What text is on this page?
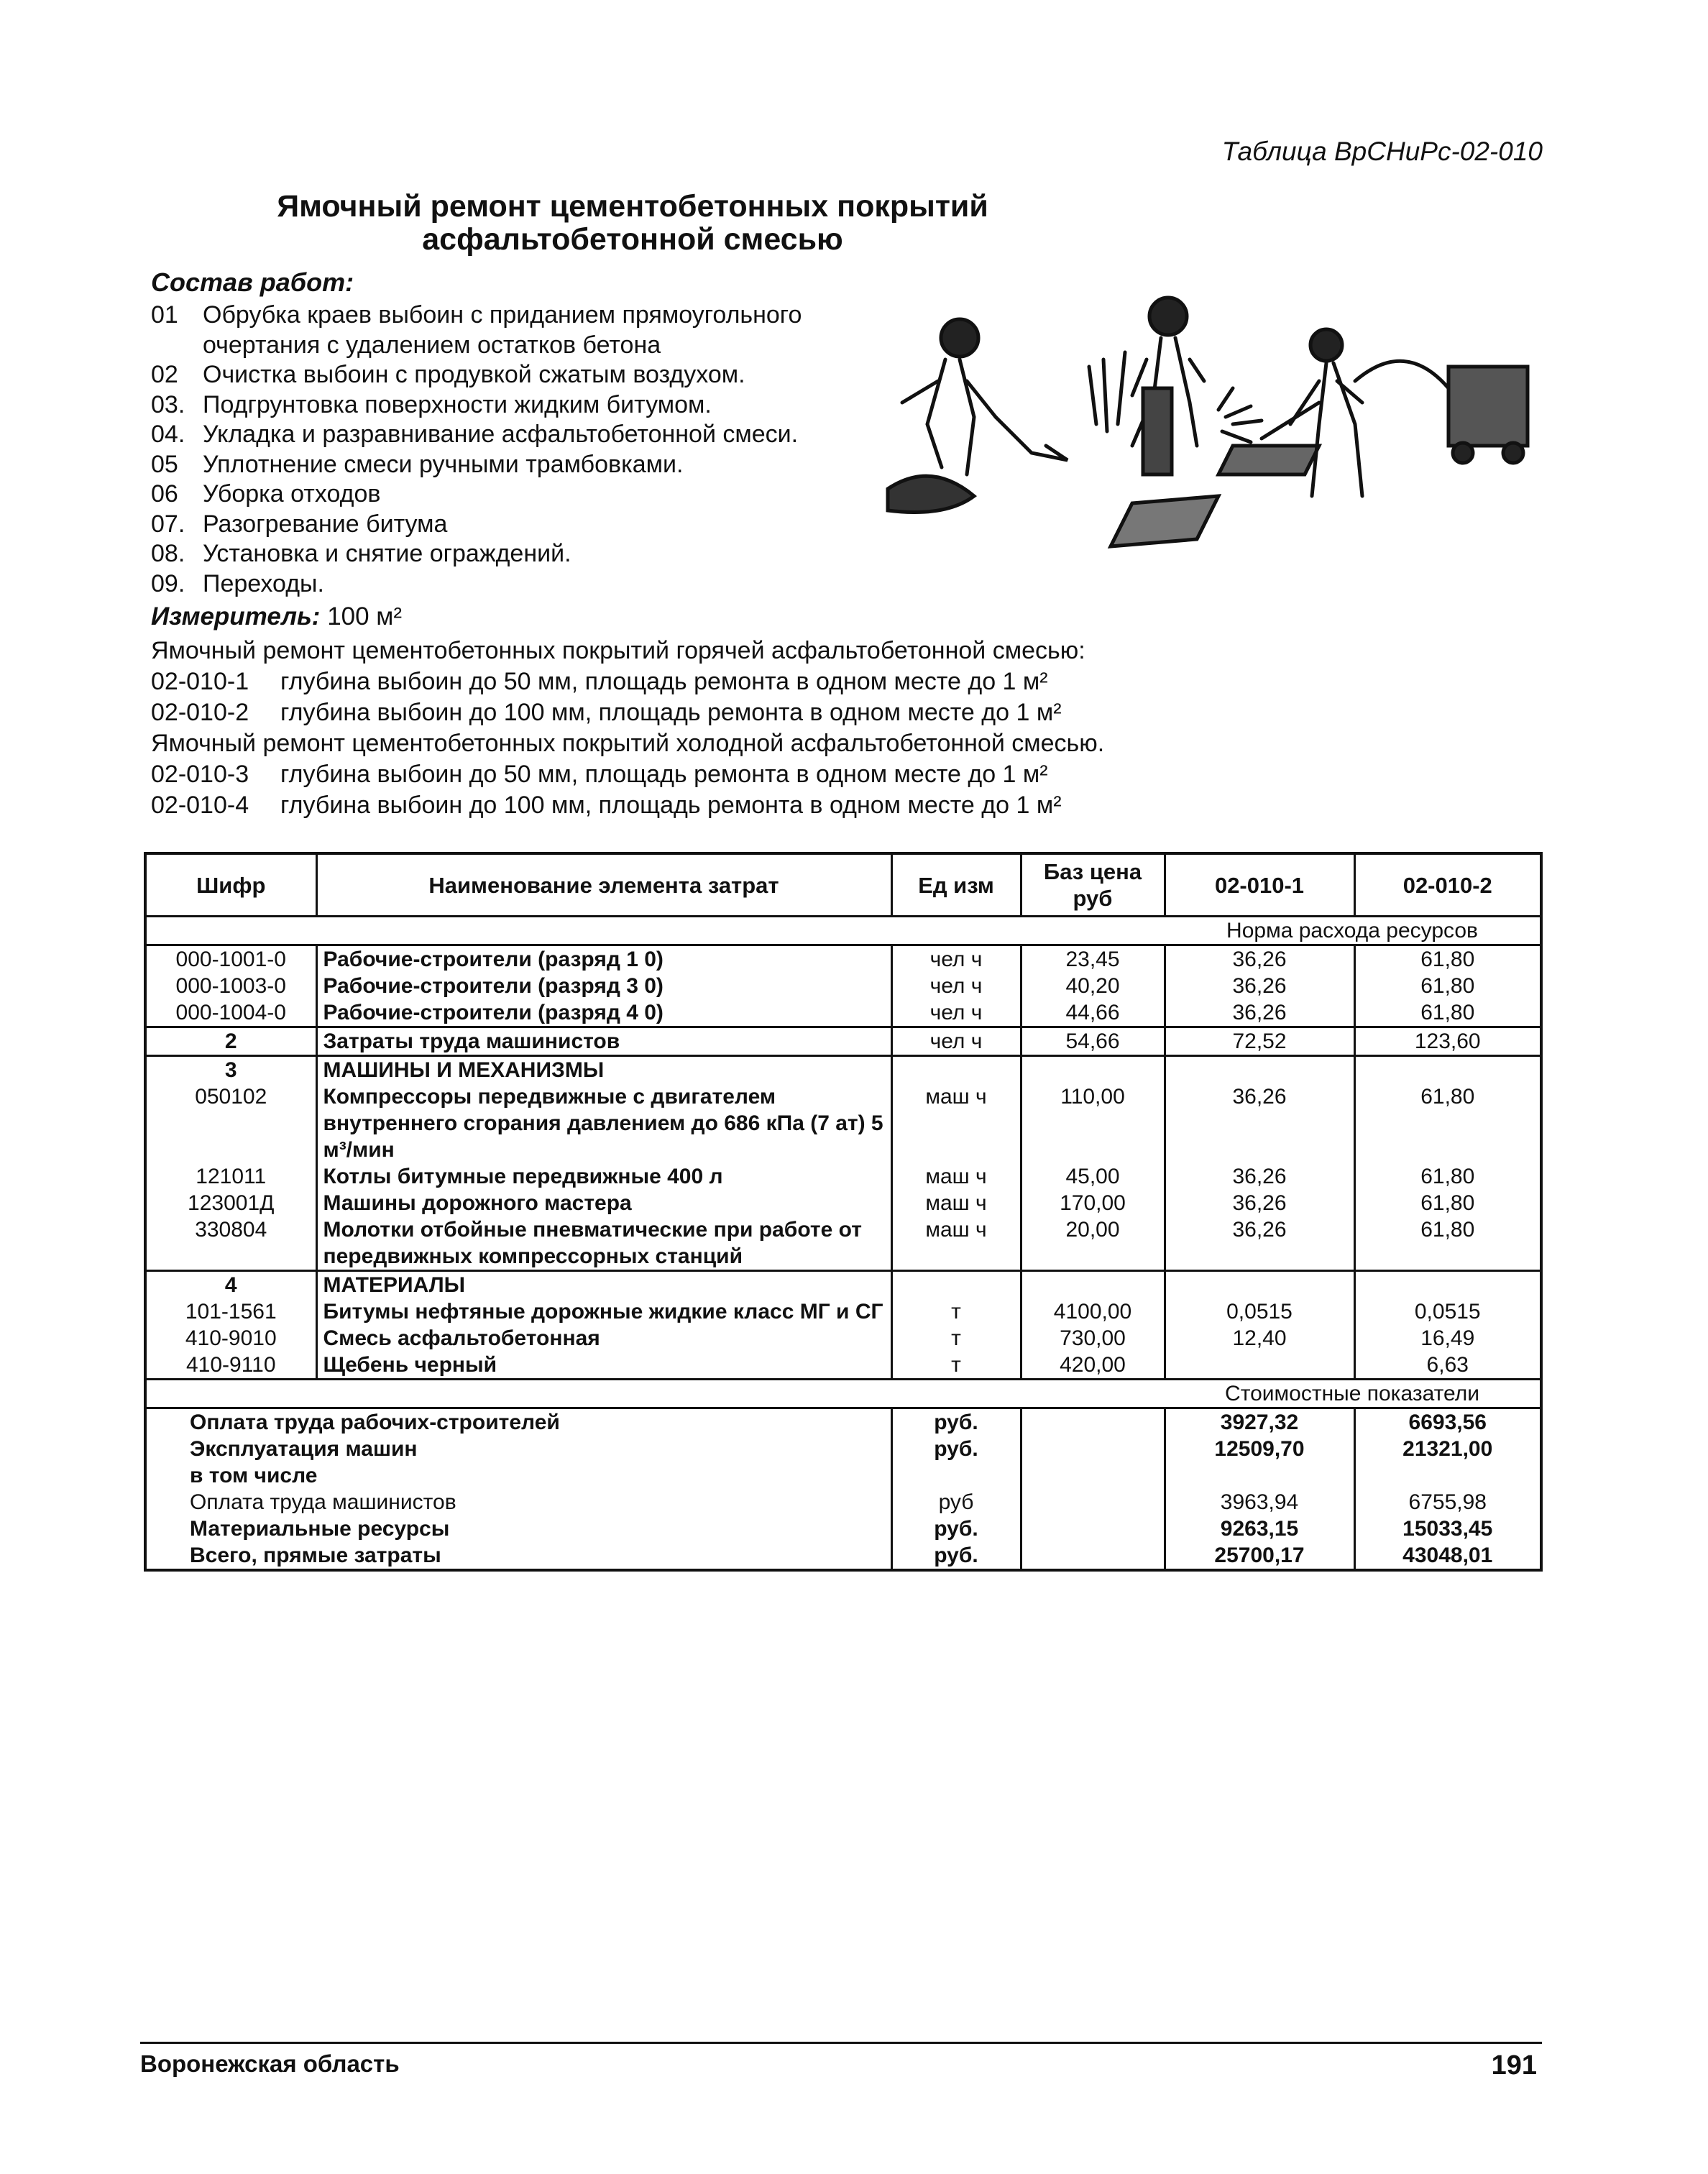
Таблица ВрСНиРс-02-010
Ямочный ремонт цементобетонных покрытий
асфальтобетонной смесью
Состав работ:
01	Обрубка краев выбоин с приданием прямоугольного очертания с удалением остатков бетона
02	Очистка выбоин с продувкой сжатым воздухом.
03. Подгрунтовка поверхности жидким битумом.
04. Укладка и разравнивание асфальтобетонной смеси.
05	Уплотнение смеси ручными трамбовками.
06	Уборка отходов
07. Разогревание битума
08. Установка и снятие ограждений.
09. Переходы.
Измеритель: 100 м²
Ямочный ремонт цементобетонных покрытий горячей асфальтобетонной смесью:
02-010-1	глубина выбоин до 50 мм, площадь ремонта в одном месте до 1 м²
02-010-2	глубина выбоин до 100 мм, площадь ремонта в одном месте до 1 м²
Ямочный ремонт цементобетонных покрытий холодной асфальтобетонной смесью.
02-010-3	глубина выбоин до 50 мм, площадь ремонта в одном месте до 1 м²
02-010-4	глубина выбоин до 100 мм, площадь ремонта в одном месте до 1 м²
Шифр	Наименование элемента затрат	Ед изм	Баз цена руб	02-010-1	02-010-2
				Норма расхода ресурсов	
000-1001-0	Рабочие-строители (разряд 1 0)	чел ч	23,45	36,26	61,80
000-1003-0	Рабочие-строители (разряд 3 0)	чел ч	40,20	36,26	61,80
000-1004-0	Рабочие-строители (разряд 4 0)	чел ч	44,66	36,26	61,80
2	Затраты труда машинистов	чел ч	54,66	72,52	123,60
3	МАШИНЫ И МЕХАНИЗМЫ				
050102	Компрессоры передвижные с двигателем внутреннего сгорания давлением до 686 кПа (7 ат) 5 м³/мин	маш ч	110,00	36,26	61,80
121011	Котлы битумные передвижные 400 л	маш ч	45,00	36,26	61,80
123001Д	Машины дорожного мастера	маш ч	170,00	36,26	61,80
330804	Молотки отбойные пневматические при работе от передвижных компрессорных станций	маш ч	20,00	36,26	61,80
4	МАТЕРИАЛЫ				
101-1561	Битумы нефтяные дорожные жидкие класс МГ и СГ	т	4100,00	0,0515	0,0515
410-9010	Смесь асфальтобетонная	т	730,00	12,40	16,49
410-9110	Щебень черный	т	420,00		6,63
				Стоимостные показатели	
Оплата труда рабочих-строителей		руб.		3927,32	6693,56
Эксплуатация машин		руб.		12509,70	21321,00
в том числе					
Оплата труда машинистов		руб		3963,94	6755,98
Материальные ресурсы		руб.		9263,15	15033,45
Всего, прямые затраты		руб.		25700,17	43048,01
Воронежская область	191
